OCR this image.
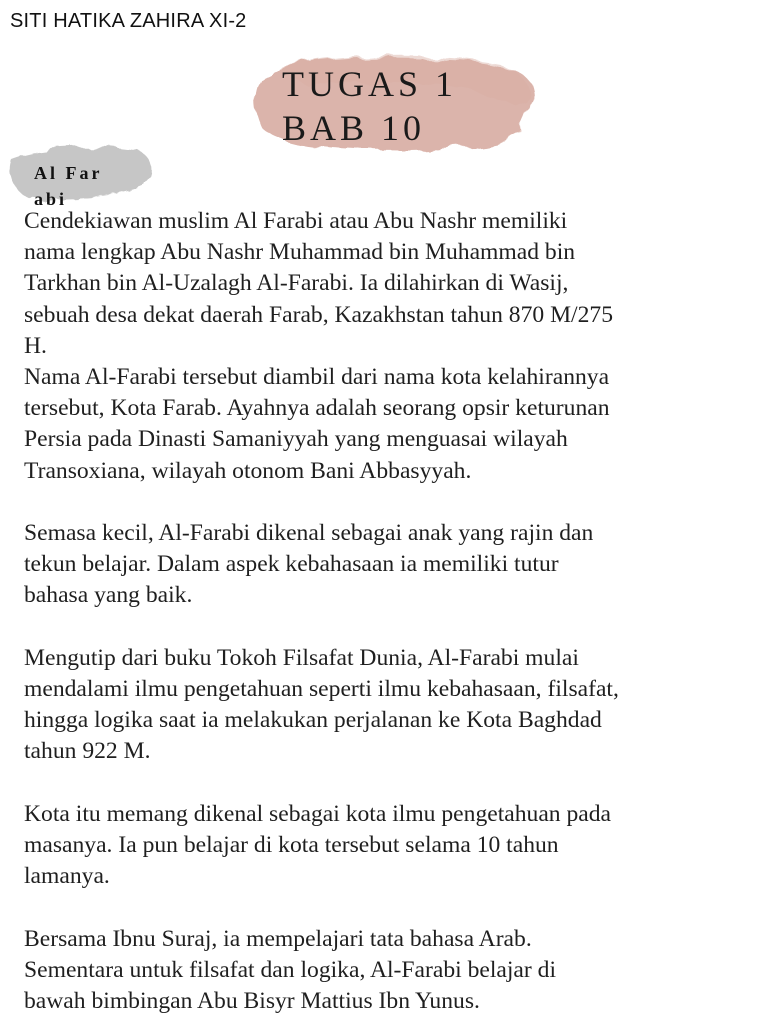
SITI HATIKA ZAHIRA XI-2
TUGAS 1
BAB 10
Al Farabi

Cendekiawan muslim Al Farabi atau Abu Nashr memiliki

nama lengkap Abu Nashr Muhammad bin Muhammad bin

Tarkhan bin Al-Uzalagh Al-Farabi. Ia dilahirkan di Wasij,

sebuah desa dekat daerah Farab, Kazakhstan tahun 870 M/275

H.

Nama Al-Farabi tersebut diambil dari nama kota kelahirannya

tersebut, Kota Farab. Ayahnya adalah seorang opsir keturunan

Persia pada Dinasti Samaniyyah yang menguasai wilayah

Transoxiana, wilayah otonom Bani Abbasyyah.

Semasa kecil, Al-Farabi dikenal sebagai anak yang rajin dan

tekun belajar. Dalam aspek kebahasaan ia memiliki tutur

bahasa yang baik.

Mengutip dari buku Tokoh Filsafat Dunia, Al-Farabi mulai

mendalami ilmu pengetahuan seperti ilmu kebahasaan, filsafat,

hingga logika saat ia melakukan perjalanan ke Kota Baghdad

tahun 922 M.

Kota itu memang dikenal sebagai kota ilmu pengetahuan pada

masanya. Ia pun belajar di kota tersebut selama 10 tahun

lamanya.

Bersama Ibnu Suraj, ia mempelajari tata bahasa Arab.

Sementara untuk filsafat dan logika, Al-Farabi belajar di

bawah bimbingan Abu Bisyr Mattius Ibn Yunus.
